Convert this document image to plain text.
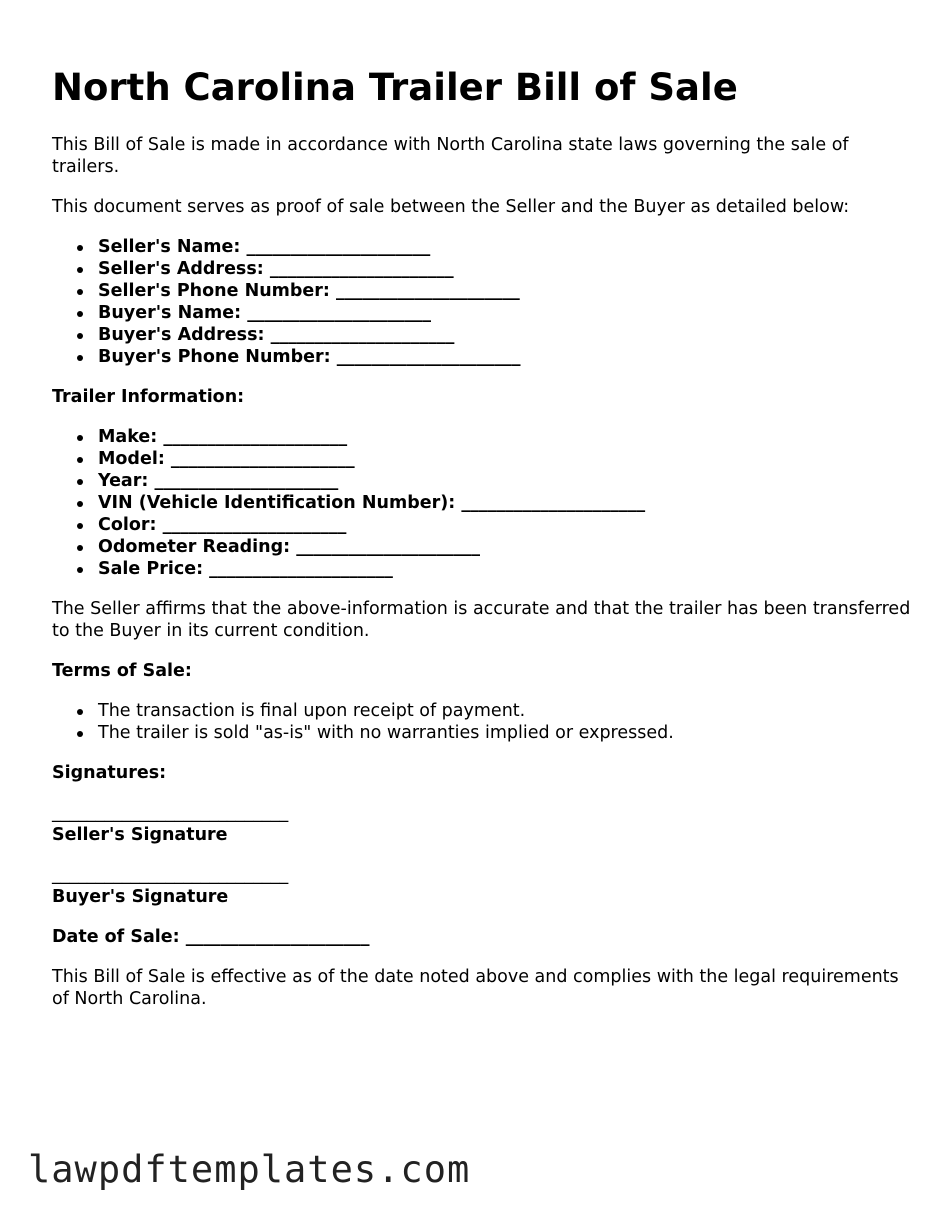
North Carolina Trailer Bill of Sale

This Bill of Sale is made in accordance with North Carolina state laws governing the sale of trailers.

This document serves as proof of sale between the Seller and the Buyer as detailed below:

Seller's Name: _____________________
Seller's Address: _____________________
Seller's Phone Number: _____________________
Buyer's Name: _____________________
Buyer's Address: _____________________
Buyer's Phone Number: _____________________
Trailer Information:
Make: _____________________
Model: _____________________
Year: _____________________
VIN (Vehicle Identification Number): _____________________
Color: _____________________
Odometer Reading: _____________________
Sale Price: _____________________

The Seller affirms that the above-information is accurate and that the trailer has been transferred to the Buyer in its current condition.

Terms of Sale:
The transaction is final upon receipt of payment.
The trailer is sold "as-is" with no warranties implied or expressed.
Signatures:
___________________________
Seller's Signature
___________________________
Buyer's Signature
Date of Sale: _____________________

This Bill of Sale is effective as of the date noted above and complies with the legal requirements of North Carolina.

lawpdftemplates.com
